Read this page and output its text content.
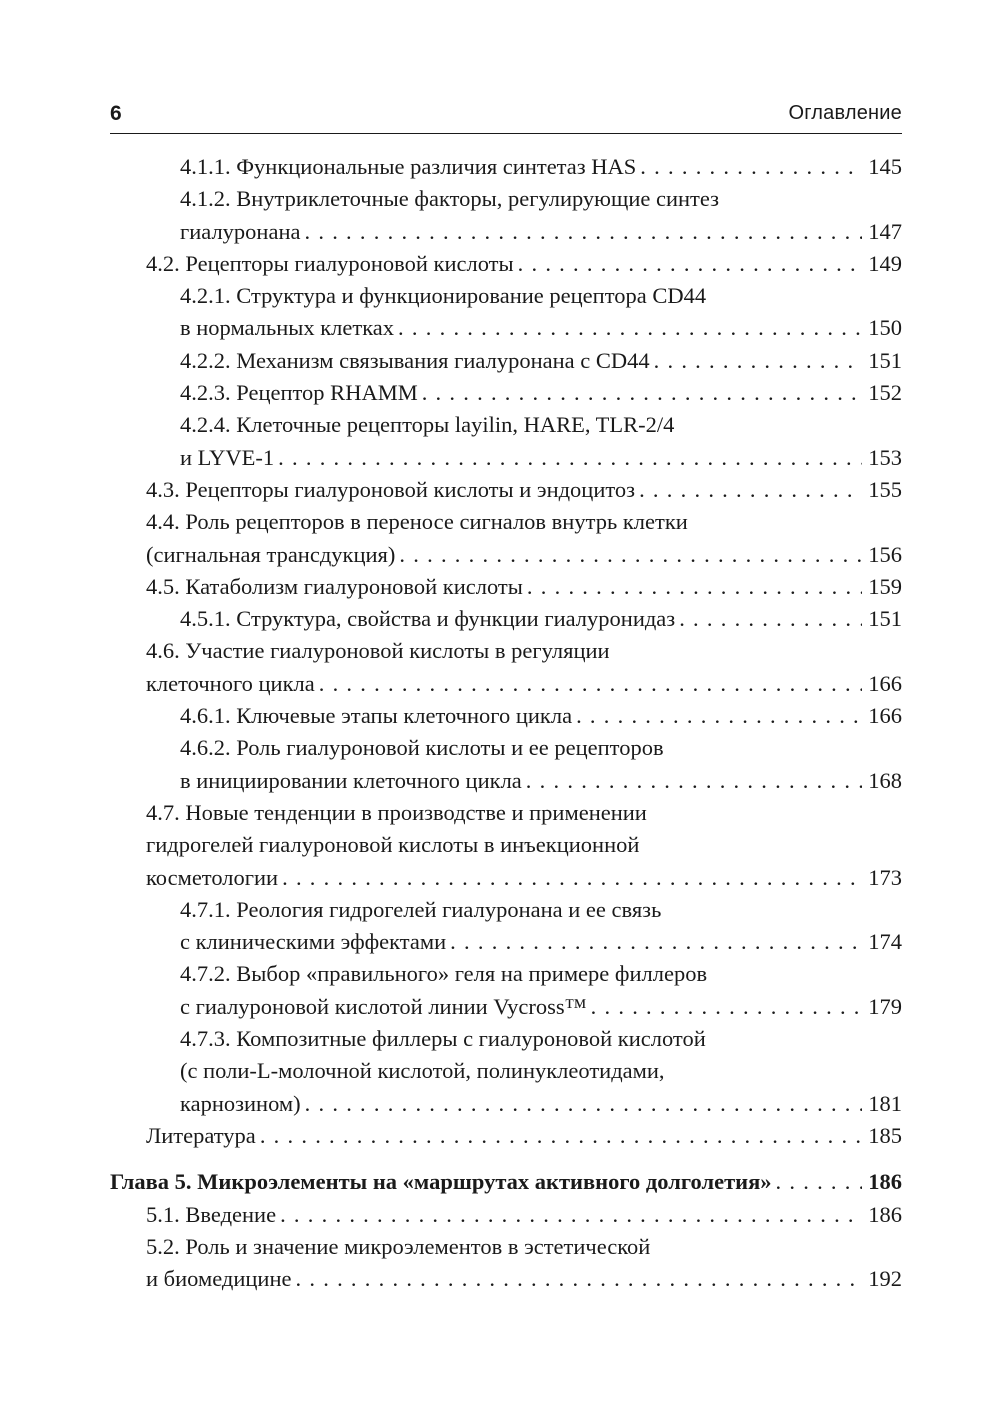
6	Оглавление
4.1.1. Функциональные различия синтетаз HAS . . .	145
4.1.2. Внутриклеточные факторы, регулирующие синтез
гиалуронана . . .	147
4.2. Рецепторы гиалуроновой кислоты . . .	149
4.2.1. Структура и функционирование рецептора CD44
в нормальных клетках . . .	150
4.2.2. Механизм связывания гиалуронана с CD44 . . .	151
4.2.3. Рецептор RHAMM . . .	152
4.2.4. Клеточные рецепторы layilin, HARE, TLR-2/4
и LYVE-1 . . .	153
4.3. Рецепторы гиалуроновой кислоты и эндоцитоз . . .	155
4.4. Роль рецепторов в переносе сигналов внутрь клетки
(сигнальная трансдукция) . . .	156
4.5. Катаболизм гиалуроновой кислоты . . .	159
4.5.1. Структура, свойства и функции гиалуронидаз . . .	151
4.6. Участие гиалуроновой кислоты в регуляции
клеточного цикла . . .	166
4.6.1. Ключевые этапы клеточного цикла . . .	166
4.6.2. Роль гиалуроновой кислоты и ее рецепторов
в инициировании клеточного цикла . . .	168
4.7. Новые тенденции в производстве и применении
гидрогелей гиалуроновой кислоты в инъекционной
косметологии . . .	173
4.7.1. Реология гидрогелей гиалуронана и ее связь
с клиническими эффектами . . .	174
4.7.2. Выбор «правильного» геля на примере филлеров
с гиалуроновой кислотой линии Vycross™ . . .	179
4.7.3. Композитные филлеры с гиалуроновой кислотой
(с поли-L-молочной кислотой, полинуклеотидами,
карнозином) . . .	181
Литература . . .	185
Глава 5. Микроэлементы на «маршрутах активного долголетия» . . .	186
5.1. Введение . . .	186
5.2. Роль и значение микроэлементов в эстетической
и биомедицине . . .	192
